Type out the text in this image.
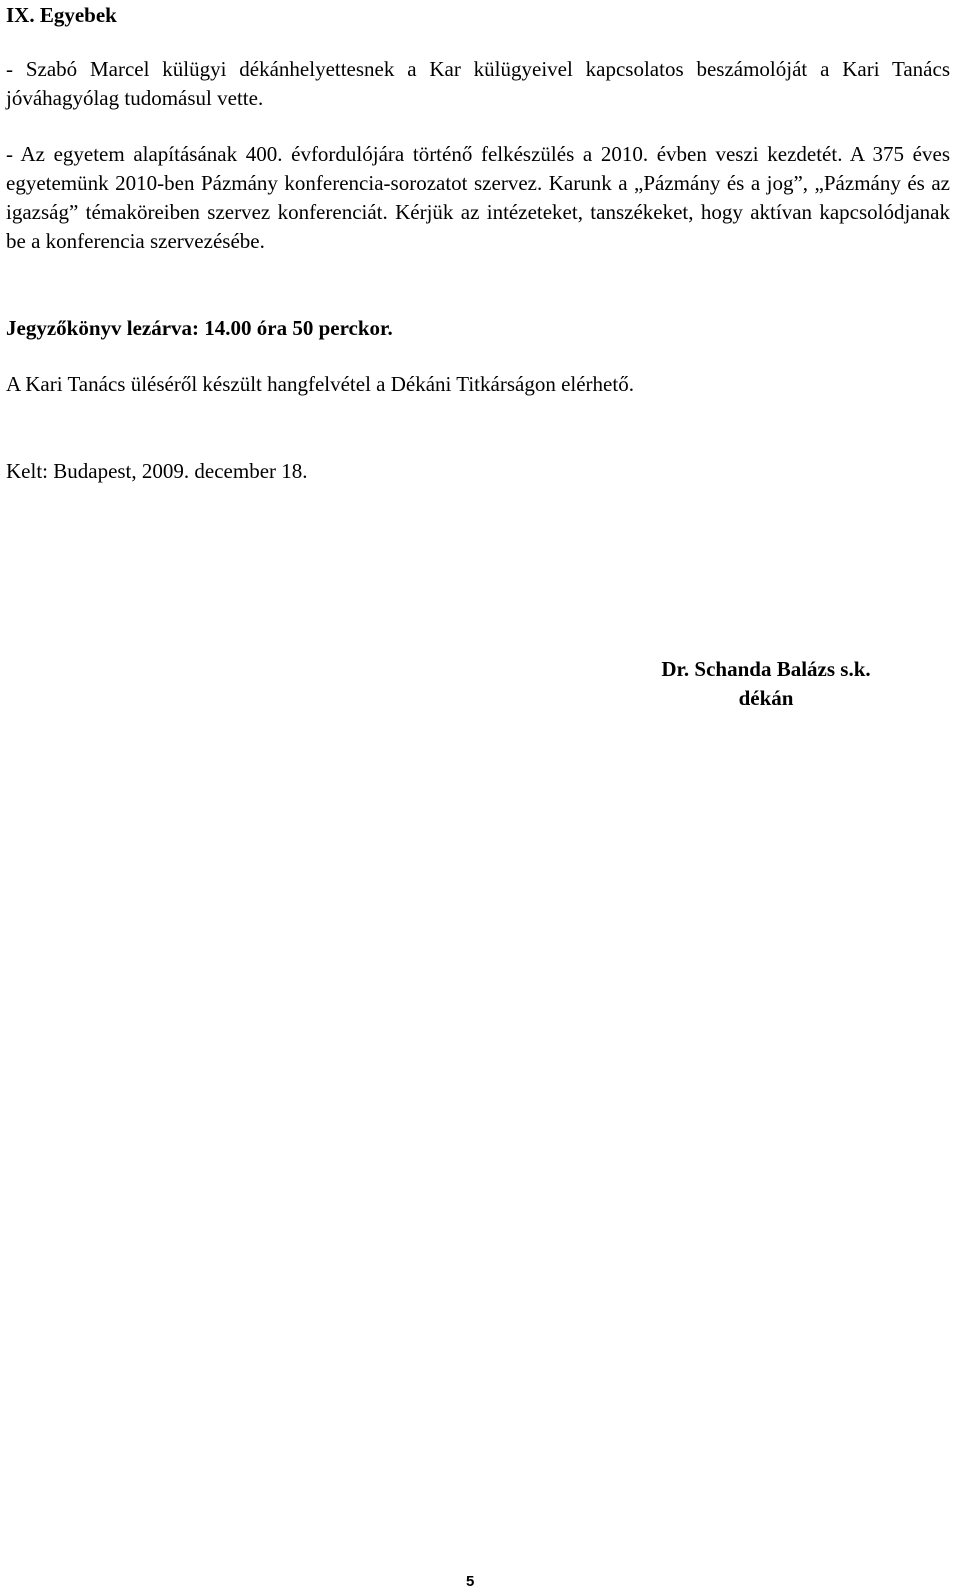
IX. Egyebek

- Szabó Marcel külügyi dékánhelyettesnek a Kar külügyeivel kapcsolatos beszámolóját a Kari Tanács jóváhagyólag tudomásul vette.

- Az egyetem alapításának 400. évfordulójára történő felkészülés a 2010. évben veszi kezdetét. A 375 éves egyetemünk 2010-ben Pázmány konferencia-sorozatot szervez. Karunk a „Pázmány és a jog”, „Pázmány és az igazság” témaköreiben szervez konferenciát. Kérjük az intézeteket, tanszékeket, hogy aktívan kapcsolódjanak be a konferencia szervezésébe.

Jegyzőkönyv lezárva: 14.00 óra 50 perckor.

A Kari Tanács üléséről készült hangfelvétel a Dékáni Titkárságon elérhető.

Kelt: Budapest, 2009. december 18.

Dr. Schanda Balázs s.k.
dékán
5
